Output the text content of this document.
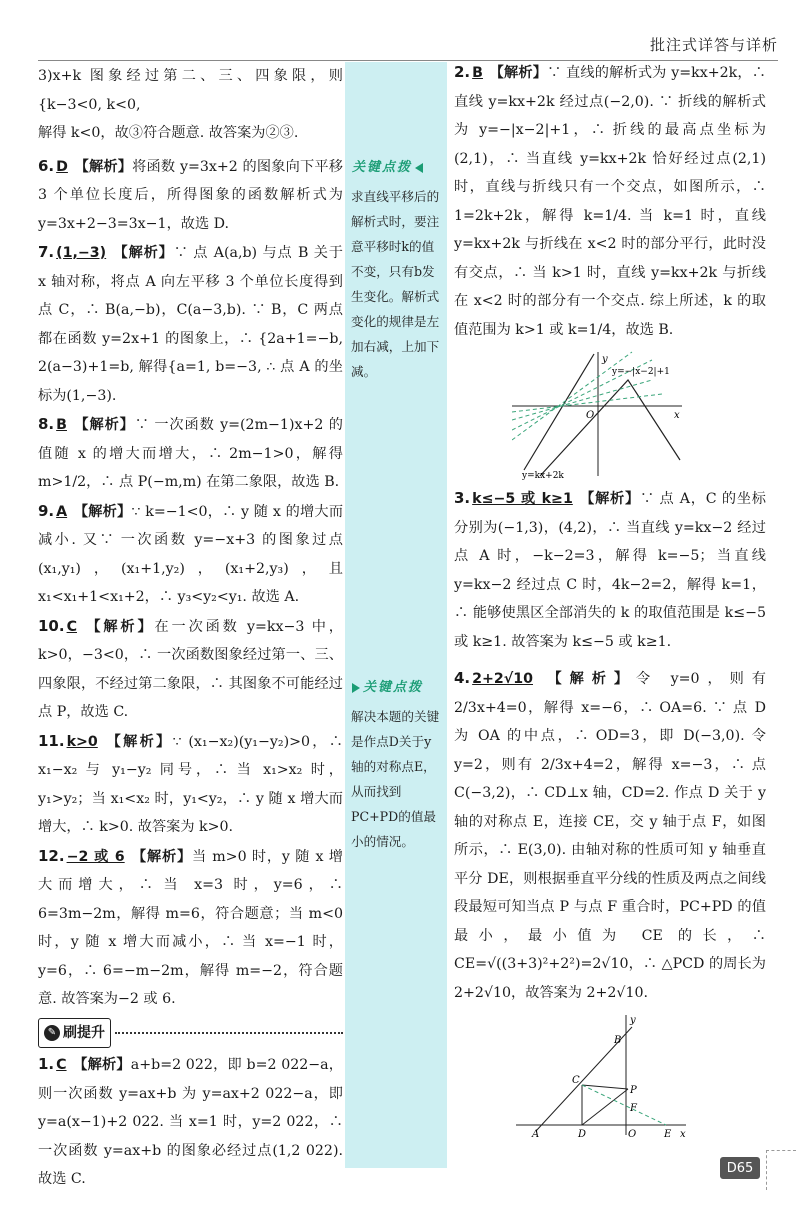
批注式详答与详析
关键点拨
求直线平移后的解析式时，要注意平移时k的值不变，只有b发生变化。解析式变化的规律是左加右减，上加下减。
关键点拨
解决本题的关键是作点D关于y轴的对称点E，从而找到PC+PD的值最小的情况。
3)x+k 图象经过第二、三、四象限，则{k−3<0, k<0,
解得 k<0，故③符合题意. 故答案为②③.
6. D 【解析】将函数 y=3x+2 的图象向下平移 3 个单位长度后，所得图象的函数解析式为 y=3x+2−3=3x−1，故选 D.
7. (1,−3) 【解析】∵ 点 A(a,b) 与点 B 关于 x 轴对称，将点 A 向左平移 3 个单位长度得到点 C，∴ B(a,−b)，C(a−3,b). ∵ B，C 两点都在函数 y=2x+1 的图象上，∴ {2a+1=−b, 2(a−3)+1=b, 解得{a=1, b=−3, ∴ 点 A 的坐标为(1,−3).
8. B 【解析】∵ 一次函数 y=(2m−1)x+2 的值随 x 的增大而增大，∴ 2m−1>0，解得 m>1/2，∴ 点 P(−m,m) 在第二象限，故选 B.
9. A 【解析】∵ k=−1<0，∴ y 随 x 的增大而减小. 又∵ 一次函数 y=−x+3 的图象过点(x₁,y₁)，(x₁+1,y₂)，(x₁+2,y₃)，且 x₁<x₁+1<x₁+2，∴ y₃<y₂<y₁. 故选 A.
10. C 【解析】在一次函数 y=kx−3 中，k>0，−3<0，∴ 一次函数图象经过第一、三、四象限，不经过第二象限，∴ 其图象不可能经过点 P，故选 C.
11. k>0 【解析】∵ (x₁−x₂)(y₁−y₂)>0，∴ x₁−x₂ 与 y₁−y₂ 同号，∴ 当 x₁>x₂ 时，y₁>y₂；当 x₁<x₂ 时，y₁<y₂，∴ y 随 x 增大而增大，∴ k>0. 故答案为 k>0.
12. −2 或 6 【解析】当 m>0 时，y 随 x 增大而增大，∴ 当 x=3 时，y=6，∴ 6=3m−2m，解得 m=6，符合题意；当 m<0 时，y 随 x 增大而减小，∴ 当 x=−1 时，y=6，∴ 6=−m−2m，解得 m=−2，符合题意. 故答案为−2 或 6.
✎ 刷提升
1. C 【解析】a+b=2 022，即 b=2 022−a，则一次函数 y=ax+b 为 y=ax+2 022−a，即 y=a(x−1)+2 022. 当 x=1 时，y=2 022，∴ 一次函数 y=ax+b 的图象必经过点(1,2 022). 故选 C.
2. B 【解析】∵ 直线的解析式为 y=kx+2k，∴ 直线 y=kx+2k 经过点(−2,0). ∵ 折线的解析式为 y=−|x−2|+1，∴ 折线的最高点坐标为(2,1)，∴ 当直线 y=kx+2k 恰好经过点(2,1)时，直线与折线只有一个交点，如图所示，∴ 1=2k+2k，解得 k=1/4. 当 k=1 时，直线 y=kx+2k 与折线在 x<2 时的部分平行，此时没有交点，∴ 当 k>1 时，直线 y=kx+2k 与折线在 x<2 时的部分有一个交点. 综上所述，k 的取值范围为 k>1 或 k=1/4，故选 B.
y
x
O
y=−|x−2|+1
y=kx+2k
3. k≤−5 或 k≥1 【解析】∵ 点 A，C 的坐标分别为(−1,3)，(4,2)，∴ 当直线 y=kx−2 经过点 A 时，−k−2=3，解得 k=−5；当直线 y=kx−2 经过点 C 时，4k−2=2，解得 k=1，∴ 能够使黑区全部消失的 k 的取值范围是 k≤−5 或 k≥1. 故答案为 k≤−5 或 k≥1.
4. 2+2√10 【解析】令 y=0，则有 2/3x+4=0，解得 x=−6，∴ OA=6. ∵ 点 D 为 OA 的中点，∴ OD=3，即 D(−3,0). 令 y=2，则有 2/3x+4=2，解得 x=−3，∴ 点 C(−3,2)，∴ CD⊥x 轴，CD=2. 作点 D 关于 y 轴的对称点 E，连接 CE，交 y 轴于点 F，如图所示，∴ E(3,0). 由轴对称的性质可知 y 轴垂直平分 DE，则根据垂直平分线的性质及两点之间线段最短可知当点 P 与点 F 重合时，PC+PD 的值最小，最小值为 CE 的长，∴ CE=√((3+3)²+2²)=2√10，∴ △PCD 的周长为 2+2√10，故答案为 2+2√10.
y
x
A
B
C
D	O	E
F
P
D65
